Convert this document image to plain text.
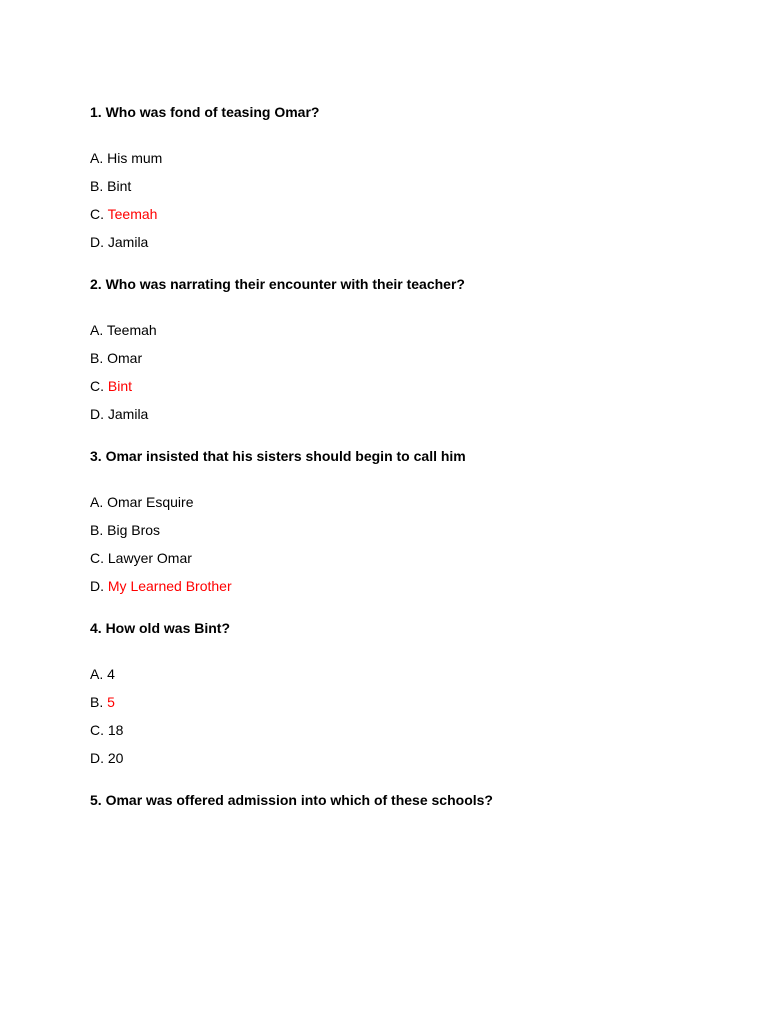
1. Who was fond of teasing Omar?
A. His mum
B. Bint
C. Teemah
D. Jamila
2. Who was narrating their encounter with their teacher?
A. Teemah
B. Omar
C. Bint
D. Jamila
3. Omar insisted that his sisters should begin to call him
A. Omar Esquire
B. Big Bros
C. Lawyer Omar
D. My Learned Brother
4. How old was Bint?
A. 4
B. 5
C. 18
D. 20
5. Omar was offered admission into which of these schools?
